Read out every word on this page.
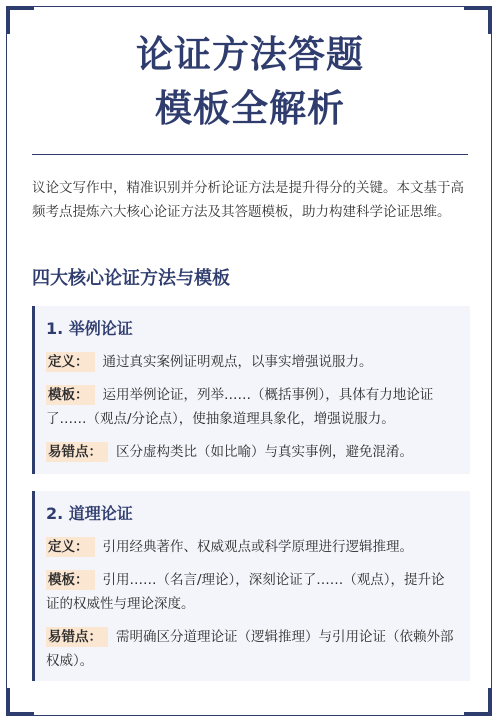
论证方法答题
模板全解析
议论文写作中，精准识别并分析论证方法是提升得分的关键。本文基于高频考点提炼六大核心论证方法及其答题模板，助力构建科学论证思维。
四大核心论证方法与模板
1. 举例论证
定义： 通过真实案例证明观点，以事实增强说服力。
模板： 运用举例论证，列举……（概括事例），具体有力地论证了……（观点/分论点），使抽象道理具象化，增强说服力。
易错点： 区分虚构类比（如比喻）与真实事例，避免混淆。
2. 道理论证
定义： 引用经典著作、权威观点或科学原理进行逻辑推理。
模板： 引用……（名言/理论），深刻论证了……（观点），提升论证的权威性与理论深度。
易错点： 需明确区分道理论证（逻辑推理）与引用论证（依赖外部权威）。
